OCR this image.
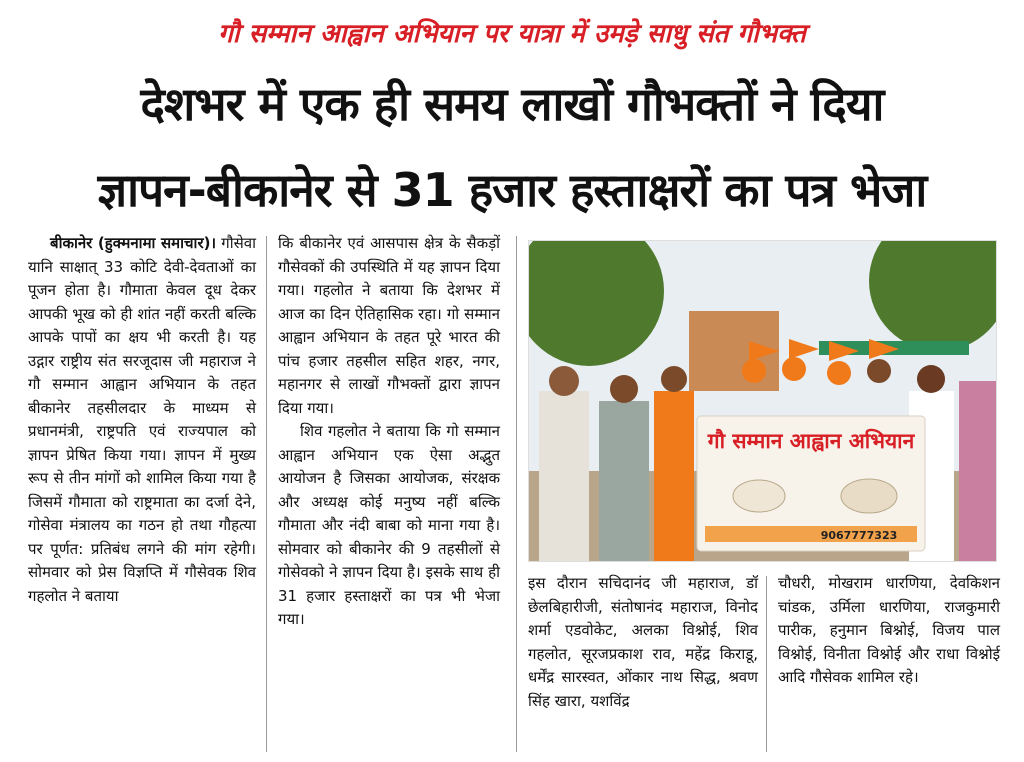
गौ सम्मान आह्वान अभियान पर यात्रा में उमड़े साधु संत गौभक्त
देशभर में एक ही समय लाखों गौभक्तों ने दिया
ज्ञापन-बीकानेर से 31 हजार हस्ताक्षरों का पत्र भेजा

बीकानेर (हुक्मनामा समाचार)। गौसेवा यानि साक्षात् 33 कोटि देवी-देवताओं का पूजन होता है। गौमाता केवल दूध देकर आपकी भूख को ही शांत नहीं करती बल्कि आपके पापों का क्षय भी करती है। यह उद्गार राष्ट्रीय संत सरजूदास जी महाराज ने गौ सम्मान आह्वान अभियान के तहत बीकानेर तहसीलदार के माध्यम से प्रधानमंत्री, राष्ट्रपति एवं राज्यपाल को ज्ञापन प्रेषित किया गया। ज्ञापन में मुख्य रूप से तीन मांगों को शामिल किया गया है जिसमें गौमाता को राष्ट्रमाता का दर्जा देने, गोसेवा मंत्रालय का गठन हो तथा गौहत्या पर पूर्णत: प्रतिबंध लगने की मांग रहेगी। सोमवार को प्रेस विज्ञप्ति में गौसेवक शिव गहलोत ने बताया

कि बीकानेर एवं आसपास क्षेत्र के सैकड़ों गौसेवकों की उपस्थिति में यह ज्ञापन दिया गया। गहलोत ने बताया कि देशभर में आज का दिन ऐतिहासिक रहा। गो सम्मान आह्वान अभियान के तहत पूरे भारत की पांच हजार तहसील सहित शहर, नगर, महानगर से लाखों गौभक्तों द्वारा ज्ञापन दिया गया।

शिव गहलोत ने बताया कि गो सम्मान आह्वान अभियान एक ऐसा अद्भुत आयोजन है जिसका आयोजक, संरक्षक और अध्यक्ष कोई मनुष्य नहीं बल्कि गौमाता और नंदी बाबा को माना गया है। सोमवार को बीकानेर की 9 तहसीलों से गोसेवको ने ज्ञापन दिया है। इसके साथ ही 31 हजार हस्ताक्षरों का पत्र भी भेजा गया।

गौ सम्मान आह्वान अभियान
9067777323

इस दौरान सचिदानंद जी महाराज, डॉ छेलबिहारीजी, संतोषानंद महाराज, विनोद शर्मा एडवोकेट, अलका विश्नोई, शिव गहलोत, सूरजप्रकाश राव, महेंद्र किराडू, धर्मेंद्र सारस्वत, ओंकार नाथ सिद्ध, श्रवण सिंह खारा, यशविंद्र

चौधरी, मोखराम धारणिया, देवकिशन चांडक, उर्मिला धारणिया, राजकुमारी पारीक, हनुमान बिश्नोई, विजय पाल विश्नोई, विनीता विश्नोई और राधा विश्नोई आदि गौसेवक शामिल रहे।
